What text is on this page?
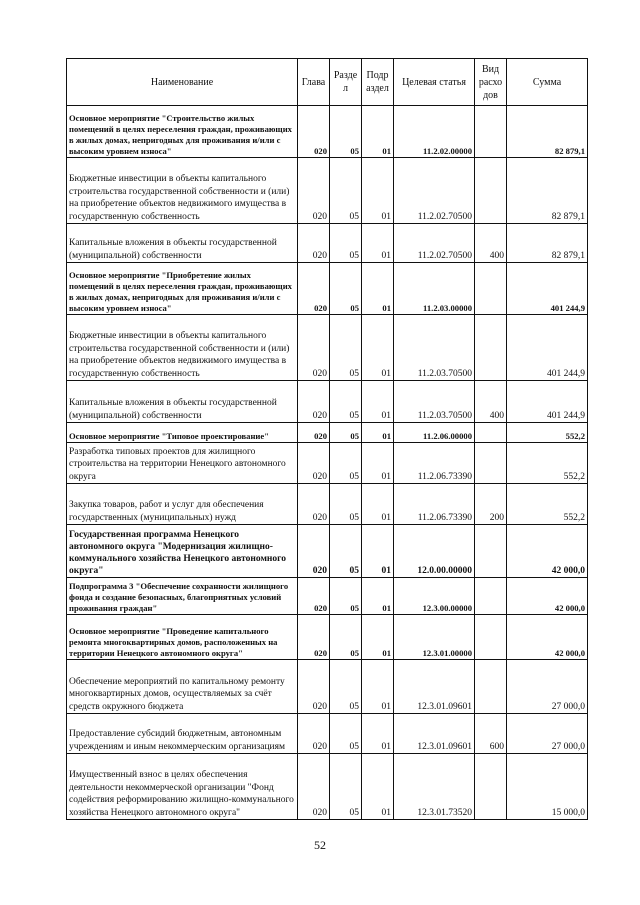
Наименование	Глава	Разде л	Подр аздел	Целевая статья	Вид расхо дов	Сумма
Основное мероприятие "Строительство жилых помещений в целях переселения граждан, проживающих в жилых домах, непригодных для проживания и/или с высоким уровнем износа"	020	05	01	11.2.02.00000		82 879,1
Бюджетные инвестиции в объекты капитального строительства государственной собственности и (или) на приобретение объектов недвижимого имущества в государственную собственность	020	05	01	11.2.02.70500		82 879,1
Капитальные вложения в объекты государственной (муниципальной) собственности	020	05	01	11.2.02.70500	400	82 879,1
Основное мероприятие "Приобретение жилых помещений в целях переселения граждан, проживающих в жилых домах, непригодных для проживания и/или с высоким уровнем износа"	020	05	01	11.2.03.00000		401 244,9
Бюджетные инвестиции в объекты капитального строительства государственной собственности и (или) на приобретение объектов недвижимого имущества в государственную собственность	020	05	01	11.2.03.70500		401 244,9
Капитальные вложения в объекты государственной (муниципальной) собственности	020	05	01	11.2.03.70500	400	401 244,9
Основное мероприятие "Типовое проектирование"	020	05	01	11.2.06.00000		552,2
Разработка типовых проектов для жилищного строительства на территории Ненецкого автономного округа	020	05	01	11.2.06.73390		552,2
Закупка товаров, работ и услуг для обеспечения государственных (муниципальных) нужд	020	05	01	11.2.06.73390	200	552,2
Государственная программа Ненецкого автономного округа "Модернизация жилищно-коммунального хозяйства Ненецкого автономного округа"	020	05	01	12.0.00.00000		42 000,0
Подпрограмма 3 "Обеспечение сохранности жилищного фонда и создание безопасных, благоприятных условий проживания граждан"	020	05	01	12.3.00.00000		42 000,0
Основное мероприятие "Проведение капитального ремонта многоквартирных домов, расположенных на территории Ненецкого автономного округа"	020	05	01	12.3.01.00000		42 000,0
Обеспечение мероприятий по капитальному ремонту многоквартирных домов, осуществляемых за счёт средств окружного бюджета	020	05	01	12.3.01.09601		27 000,0
Предоставление субсидий бюджетным, автономным учреждениям и иным некоммерческим организациям	020	05	01	12.3.01.09601	600	27 000,0
Имущественный взнос в целях обеспечения деятельности некоммерческой организации "Фонд содействия реформированию жилищно-коммунального хозяйства Ненецкого автономного округа"	020	05	01	12.3.01.73520		15 000,0
52
